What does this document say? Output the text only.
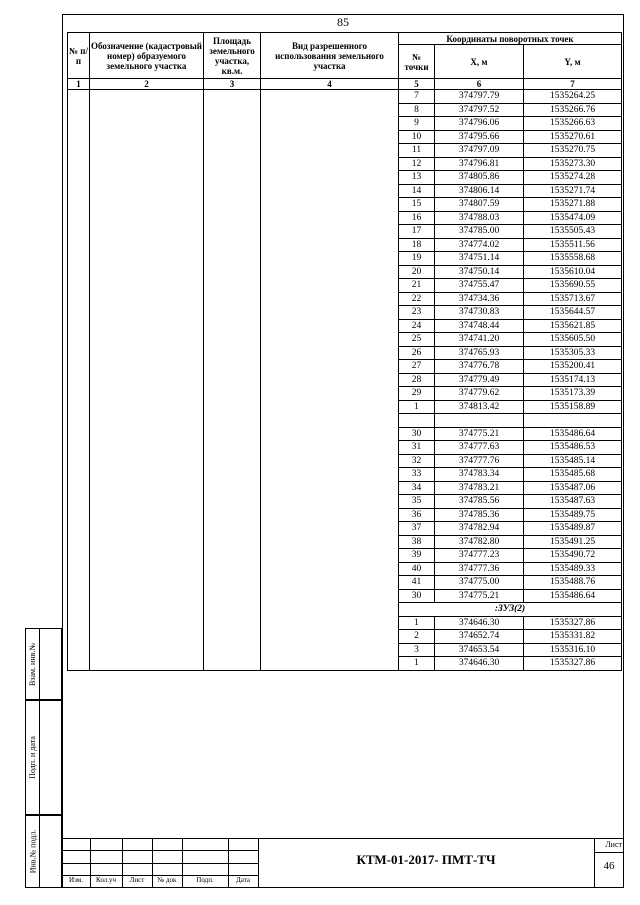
85
№ п/п	Обозначение (кадастровый номер) образуемого земельного участка	Площадь земельного участка, кв.м.	Вид разрешенного использования земельного участка	Координаты поворотных точек		
				№ точки	X, м	Y, м
1	2	3	4	5	6	7
				7	374797.79	1535264.25
				8	374797.52	1535266.76
				9	374796.06	1535266.63
				10	374795.66	1535270.61
				11	374797.09	1535270.75
				12	374796.81	1535273.30
				13	374805.86	1535274.28
				14	374806.14	1535271.74
				15	374807.59	1535271.88
				16	374788.03	1535474.09
				17	374785.00	1535505.43
				18	374774.02	1535511.56
				19	374751.14	1535558.68
				20	374750.14	1535610.04
				21	374755.47	1535690.55
				22	374734.36	1535713.67
				23	374730.83	1535644.57
				24	374748.44	1535621.85
				25	374741.20	1535605.50
				26	374765.93	1535305.33
				27	374776.78	1535200.41
				28	374779.49	1535174.13
				29	374779.62	1535173.39
				1	374813.42	1535158.89

				30	374775.21	1535486.64
				31	374777.63	1535486.53
				32	374777.76	1535485.14
				33	374783.34	1535485.68
				34	374783.21	1535487.06
				35	374785.56	1535487.63
				36	374785.36	1535489.75
				37	374782.94	1535489.87
				38	374782.80	1535491.25
				39	374777.23	1535490.72
				40	374777.36	1535489.33
				41	374775.00	1535488.76
				30	374775.21	1535486.64
				:ЗУ3(2)		
				1	374646.30	1535327.86
				2	374652.74	1535331.82
				3	374653.54	1535316.10
				1	374646.30	1535327.86
Взам. инв.№
Подп. и дата
Инв.№ подл.	КТМ-01-2017- ПМТ-ТЧ
Лист
46
Изм.	Кол.уч	Лист	№ док	Подп.	Дата
